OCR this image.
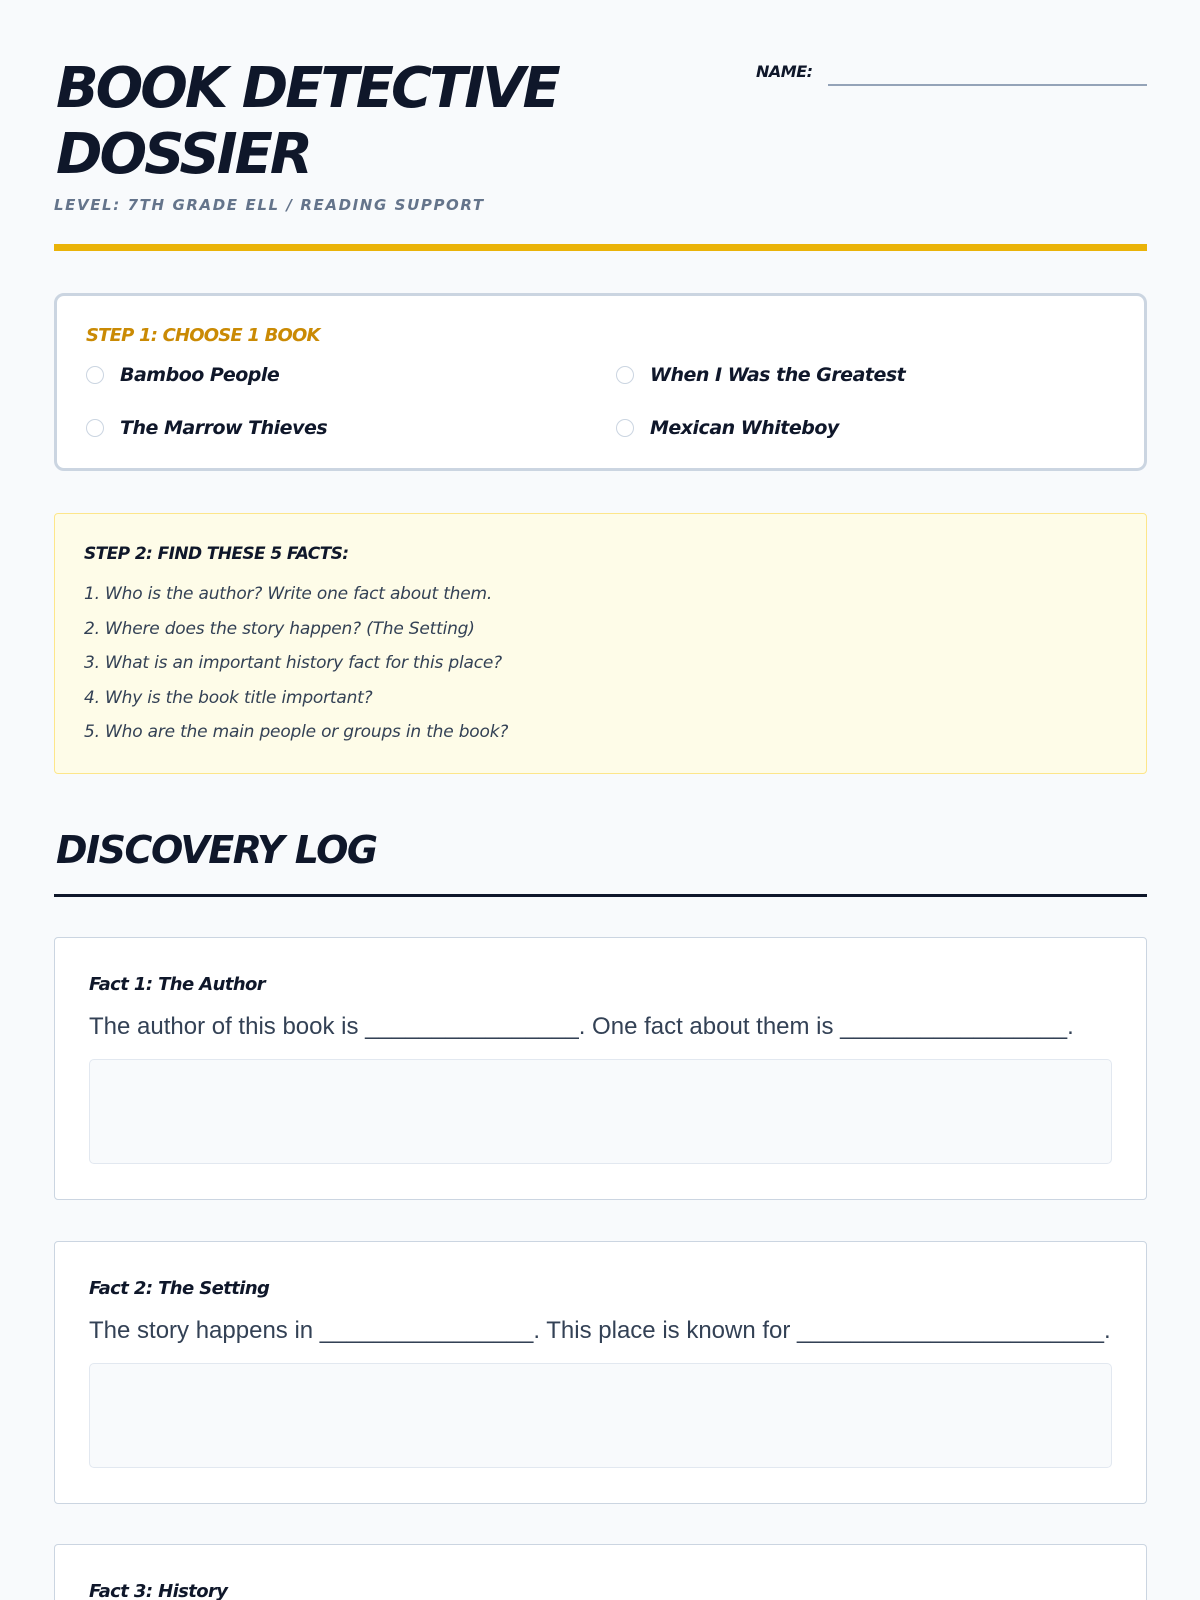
BOOK DETECTIVE DOSSIER
LEVEL: 7TH GRADE ELL / READING SUPPORT
NAME:
STEP 1: CHOOSE 1 BOOK
Bamboo People	When I Was the Greatest
The Marrow Thieves	Mexican Whiteboy
STEP 2: FIND THESE 5 FACTS:
1. Who is the author? Write one fact about them.
2. Where does the story happen? (The Setting)
3. What is an important history fact for this place?
4. Why is the book title important?
5. Who are the main people or groups in the book?
DISCOVERY LOG
Fact 1: The Author
The author of this book is ________________. One fact about them is _________________.
Fact 2: The Setting
The story happens in ________________. This place is known for _______________________.
Fact 3: History
